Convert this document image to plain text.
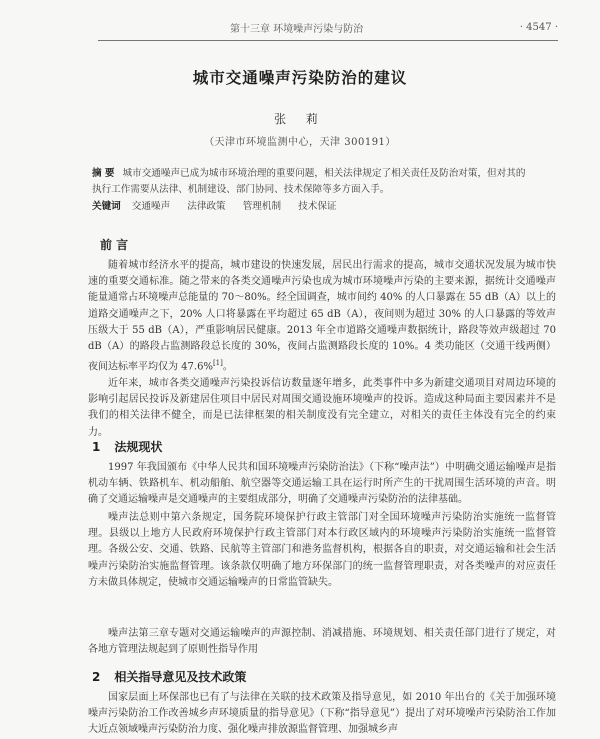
第十三章 环境噪声污染与防治	· 4547 ·
城市交通噪声污染防治的建议
张 莉
（天津市环境监测中心，天津 300191）
摘 要 城市交通噪声已成为城市环境治理的重要问题，相关法律规定了相关责任及防治对策，但对其的执行工作需要从法律、机制建设、部门协同、技术保障等多方面入手。
关键词 交通噪声 法律政策 管理机制 技术保证
前 言

随着城市经济水平的提高，城市建设的快速发展，居民出行需求的提高，城市交通状况发展为城市快速的重要交通标准。随之带来的各类交通噪声污染也成为城市环境噪声污染的主要来源，据统计交通噪声能量通常占环境噪声总能量的 70～80%。经全国调查，城市间约 40% 的人口暴露在 55 dB（A）以上的道路交通噪声之下，20% 人口将暴露在平均超过 65 dB（A），夜间则为超过 30% 的人口暴露的等效声压级大于 55 dB（A），严重影响居民健康。2013 年全市道路交通噪声数据统计，路段等效声级超过 70 dB（A）的路段占监测路段总长度的 30%，夜间占监测路段长度的 10%。4 类功能区（交通干线两侧）夜间达标率平均仅为 47.6%[1]。

近年来，城市各类交通噪声污染投诉信访数量逐年增多，此类事件中多为新建交通项目对周边环境的影响引起居民投诉及新建居住项目中居民对周围交通设施环境噪声的投诉。造成这种局面主要因素并不是我们的相关法律不健全，而是已法律框架的相关制度没有完全建立，对相关的责任主体没有完全的约束力。

1 法规现状

1997 年我国颁布《中华人民共和国环境噪声污染防治法》（下称“噪声法”）中明确交通运输噪声是指机动车辆、铁路机车、机动船舶、航空器等交通运输工具在运行时所产生的干扰周围生活环境的声音。明确了交通运输噪声是交通噪声的主要组成部分，明确了交通噪声污染防治的法律基础。

噪声法总则中第六条规定，国务院环境保护行政主管部门对全国环境噪声污染防治实施统一监督管理。县级以上地方人民政府环境保护行政主管部门对本行政区域内的环境噪声污染防治实施统一监督管理。各级公安、交通、铁路、民航等主管部门和港务监督机构，根据各自的职责，对交通运输和社会生活噪声污染防治实施监督管理。该条款仅明确了地方环保部门的统一监督管理职责，对各类噪声的对应责任方未做具体规定，使城市交通运输噪声的日常监管缺失。

噪声法第三章专题对交通运输噪声的声源控制、消减措施、环境规划、相关责任部门进行了规定，对各地方管理法规起到了原则性指导作用

2 相关指导意见及技术政策

国家层面上环保部也已有了与法律在关联的技术政策及指导意见，如 2010 年出台的《关于加强环境噪声污染防治工作改善城乡声环境质量的指导意见》（下称“指导意见”）提出了对环境噪声污染防治工作加大近点领域噪声污染防治力度、强化噪声排放源监督管理、加强城乡声
